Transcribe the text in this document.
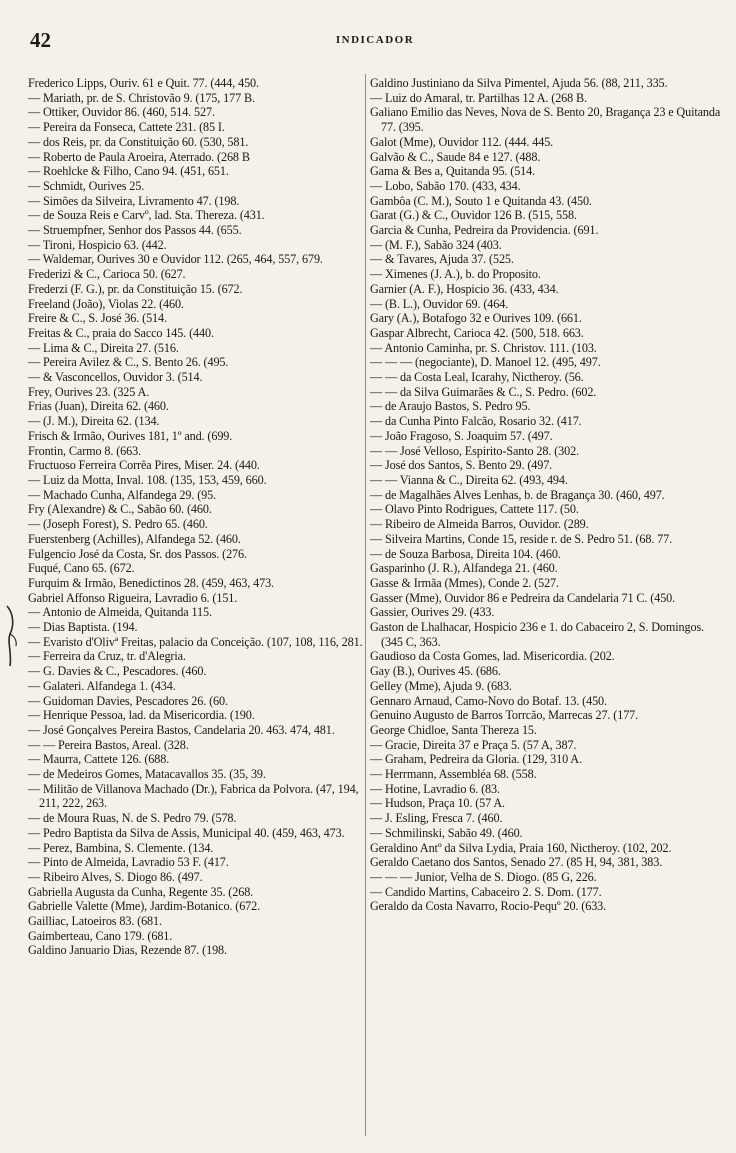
42	INDICADOR

Frederico Lipps, Ouriv. 61 e Quit. 77. (444, 450.

— Mariath, pr. de S. Christovão 9. (175, 177 B.

— Ottiker, Ouvidor 86. (460, 514. 527.

— Pereira da Fonseca, Cattete 231. (85 I.

— dos Reis, pr. da Constituição 60. (530, 581.

— Roberto de Paula Aroeira, Aterrado. (268 B

— Roehlcke & Filho, Cano 94. (451, 651.

— Schmidt, Ourives 25.

— Simões da Silveira, Livramento 47. (198.

— de Souza Reis e Carvº, lad. Sta. Thereza. (431.

— Struempfner, Senhor dos Passos 44. (655.

— Tironi, Hospicio 63. (442.

— Waldemar, Ourives 30 e Ouvidor 112. (265, 464, 557, 679.

Frederizi & C., Carioca 50. (627.

Frederzi (F. G.), pr. da Constituição 15. (672.

Freeland (João), Violas 22. (460.

Freire & C., S. José 36. (514.

Freitas & C., praia do Sacco 145. (440.

— Lima & C., Direita 27. (516.

— Pereira Avilez & C., S. Bento 26. (495.

— & Vasconcellos, Ouvidor 3. (514.

Frey, Ourives 23. (325 A.

Frias (Juan), Direita 62. (460.

— (J. M.), Direita 62. (134.

Frisch & Irmão, Ourives 181, 1º and. (699.

Frontin, Carmo 8. (663.

Fructuoso Ferreira Corrêa Pires, Miser. 24. (440.

— Luiz da Motta, Inval. 108. (135, 153, 459, 660.

— Machado Cunha, Alfandega 29. (95.

Fry (Alexandre) & C., Sabão 60. (460.

— (Joseph Forest), S. Pedro 65. (460.

Fuerstenberg (Achilles), Alfandega 52. (460.

Fulgencio José da Costa, Sr. dos Passos. (276.

Fuqué, Cano 65. (672.

Furquim & Irmão, Benedictinos 28. (459, 463, 473.

Gabriel Affonso Rigueira, Lavradio 6. (151.

— Antonio de Almeida, Quitanda 115.

— Dias Baptista. (194.

— Evaristo d'Olivª Freitas, palacio da Conceição. (107, 108, 116, 281.

— Ferreira da Cruz, tr. d'Alegria.

— G. Davies & C., Pescadores. (460.

— Galateri. Alfandega 1. (434.

— Guidoman Davies, Pescadores 26. (60.

— Henrique Pessoa, lad. da Misericordia. (190.

— José Gonçalves Pereira Bastos, Candelaria 20. 463. 474, 481.

— — Pereira Bastos, Areal. (328.

— Maurra, Cattete 126. (688.

— de Medeiros Gomes, Matacavallos 35. (35, 39.

— Militão de Villanova Machado (Dr.), Fabrica da Polvora. (47, 194, 211, 222, 263.

— de Moura Ruas, N. de S. Pedro 79. (578.

— Pedro Baptista da Silva de Assis, Municipal 40. (459, 463, 473.

— Perez, Bambina, S. Clemente. (134.

— Pinto de Almeida, Lavradio 53 F. (417.

— Ribeiro Alves, S. Diogo 86. (497.

Gabriella Augusta da Cunha, Regente 35. (268.

Gabrielle Valette (Mme), Jardim-Botanico. (672.

Gailliac, Latoeiros 83. (681.

Gaimberteau, Cano 179. (681.

Galdino Januario Dias, Rezende 87. (198.

Galdino Justiniano da Silva Pimentel, Ajuda 56. (88, 211, 335.

— Luiz do Amaral, tr. Partilhas 12 A. (268 B.

Galiano Emilio das Neves, Nova de S. Bento 20, Bragança 23 e Quitanda 77. (395.

Galot (Mme), Ouvidor 112. (444. 445.

Galvão & C., Saude 84 e 127. (488.

Gama & Bes a, Quitanda 95. (514.

— Lobo, Sabão 170. (433, 434.

Gambôa (C. M.), Souto 1 e Quitanda 43. (450.

Garat (G.) & C., Ouvidor 126 B. (515, 558.

Garcia & Cunha, Pedreira da Providencia. (691.

— (M. F.), Sabão 324 (403.

— & Tavares, Ajuda 37. (525.

— Ximenes (J. A.), b. do Proposito.

Garnier (A. F.), Hospicio 36. (433, 434.

— (B. L.), Ouvidor 69. (464.

Gary (A.), Botafogo 32 e Ourives 109. (661.

Gaspar Albrecht, Carioca 42. (500, 518. 663.

— Antonio Caminha, pr. S. Christov. 111. (103.

— — — (negociante), D. Manoel 12. (495, 497.

— — da Costa Leal, Icarahy, Nictheroy. (56.

— — da Silva Guimarães & C., S. Pedro. (602.

— de Araujo Bastos, S. Pedro 95.

— da Cunha Pinto Falcão, Rosario 32. (417.

— João Fragoso, S. Joaquim 57. (497.

— — José Velloso, Espirito-Santo 28. (302.

— José dos Santos, S. Bento 29. (497.

— — Vianna & C., Direita 62. (493, 494.

— de Magalhães Alves Lenhas, b. de Bragança 30. (460, 497.

— Olavo Pinto Rodrigues, Cattete 117. (50.

— Ribeiro de Almeida Barros, Ouvidor. (289.

— Silveira Martins, Conde 15, reside r. de S. Pedro 51. (68. 77.

— de Souza Barbosa, Direita 104. (460.

Gasparinho (J. R.), Alfandega 21. (460.

Gasse & Irmãa (Mmes), Conde 2. (527.

Gasser (Mme), Ouvidor 86 e Pedreira da Candelaria 71 C. (450.

Gassier, Ourives 29. (433.

Gaston de Lhalhacar, Hospicio 236 e 1. do Cabaceiro 2, S. Domingos. (345 C, 363.

Gaudioso da Costa Gomes, lad. Misericordia. (202.

Gay (B.), Ourives 45. (686.

Gelley (Mme), Ajuda 9. (683.

Gennaro Arnaud, Camo-Novo do Botaf. 13. (450.

Genuino Augusto de Barros Torrcão, Marrecas 27. (177.

George Chidloe, Santa Thereza 15.

— Gracie, Direita 37 e Praça 5. (57 A, 387.

— Graham, Pedreira da Gloria. (129, 310 A.

— Herrmann, Assembléa 68. (558.

— Hotine, Lavradio 6. (83.

— Hudson, Praça 10. (57 A.

— J. Esling, Fresca 7. (460.

— Schmilinski, Sabão 49. (460.

Geraldino Antº da Silva Lydia, Praia 160, Nictheroy. (102, 202.

Geraldo Caetano dos Santos, Senado 27. (85 H, 94, 381, 383.

— — — Junior, Velha de S. Diogo. (85 G, 226.

— Candido Martins, Cabaceiro 2. S. Dom. (177.

Geraldo da Costa Navarro, Rocio-Pequº 20. (633.
